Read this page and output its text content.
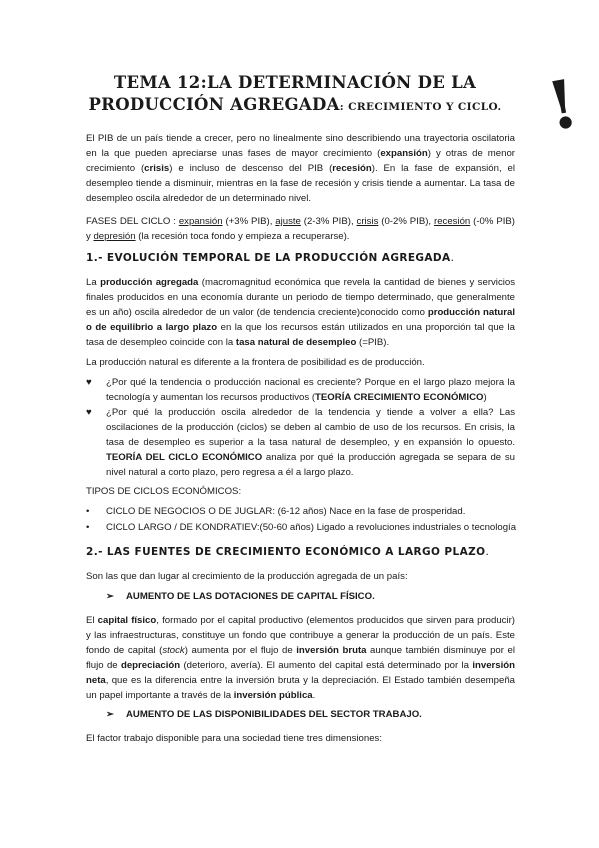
TEMA 12:LA DETERMINACIÓN DE LA
PRODUCCIÓN AGREGADA: CRECIMIENTO Y CICLO. !
El PIB de un país tiende a crecer, pero no linealmente sino describiendo una trayectoria oscilatoria en la que pueden apreciarse unas fases de mayor crecimiento (expansión) y otras de menor crecimiento (crisis) e incluso de descenso del PIB (recesión). En la fase de expansión, el desempleo tiende a disminuir, mientras en la fase de recesión y crisis tiende a aumentar. La tasa de desempleo oscila alrededor de un determinado nivel.
FASES DEL CICLO : expansión (+3% PIB), ajuste (2-3% PIB), crisis (0-2% PIB), recesión (-0% PIB) y depresión (la recesión toca fondo y empieza a recuperarse).
1.- EVOLUCIÓN TEMPORAL DE LA PRODUCCIÓN AGREGADA.
La producción agregada (macromagnitud económica que revela la cantidad de bienes y servicios finales producidos en una economía durante un periodo de tiempo determinado, que generalmente es un año) oscila alrededor de un valor (de tendencia creciente)conocido como producción natural o de equilibrio a largo plazo en la que los recursos están utilizados en una proporción tal que la tasa de desempleo coincide con la tasa natural de desempleo (=PIB).
La producción natural es diferente a la frontera de posibilidad es de producción.
♥	¿Por qué la tendencia o producción nacional es creciente? Porque en el largo plazo mejora la tecnología y aumentan los recursos productivos (TEORÍA CRECIMIENTO ECONÓMICO)
♥	¿Por qué la producción oscila alrededor de la tendencia y tiende a volver a ella? Las oscilaciones de la producción (ciclos) se deben al cambio de uso de los recursos. En crisis, la tasa de desempleo es superior a la tasa natural de desempleo, y en expansión lo opuesto. TEORÍA DEL CICLO ECONÓMICO analiza por qué la producción agregada se separa de su nivel natural a corto plazo, pero regresa a él a largo plazo.
TIPOS DE CICLOS ECONÓMICOS:
•	CICLO DE NEGOCIOS O DE JUGLAR: (6-12 años) Nace en la fase de prosperidad.
•	CICLO LARGO / DE KONDRATIEV:(50-60 años) Ligado a revoluciones industriales o tecnología
2.- LAS FUENTES DE CRECIMIENTO ECONÓMICO A LARGO PLAZO.
Son las que dan lugar al crecimiento de la producción agregada de un país:
➢ AUMENTO DE LAS DOTACIONES DE CAPITAL FÍSICO.
El capital físico, formado por el capital productivo (elementos producidos que sirven para producir) y las infraestructuras, constituye un fondo que contribuye a generar la producción de un país. Este fondo de capital (stock) aumenta por el flujo de inversión bruta aunque también disminuye por el flujo de depreciación (deterioro, avería). El aumento del capital está determinado por la inversión neta, que es la diferencia entre la inversión bruta y la depreciación. El Estado también desempeña un papel importante a través de la inversión pública.
➢ AUMENTO DE LAS DISPONIBILIDADES DEL SECTOR TRABAJO.
El factor trabajo disponible para una sociedad tiene tres dimensiones:
